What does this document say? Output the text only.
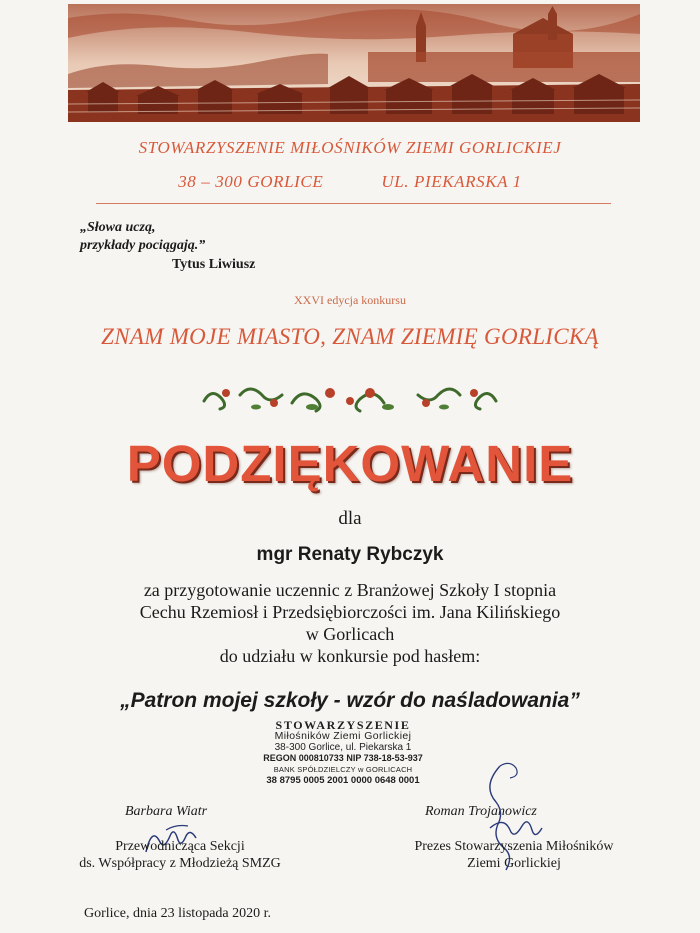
STOWARZYSZENIE MIŁOŚNIKÓW ZIEMI GORLICKIEJ
38 – 300 GORLICE	UL. PIEKARSKA 1
„Słowa uczą,
przykłady pociągają.”
Tytus Liwiusz
XXVI edycja konkursu
ZNAM MOJE MIASTO, ZNAM ZIEMIĘ GORLICKĄ
PODZIĘKOWANIE
dla
mgr Renaty Rybczyk
za przygotowanie uczennic z Branżowej Szkoły I stopnia
Cechu Rzemiosł i Przedsiębiorczości im. Jana Kilińskiego
w Gorlicach
do udziału w konkursie pod hasłem:
„Patron mojej szkoły - wzór do naśladowania”
STOWARZYSZENIE
Miłośników Ziemi Gorlickiej
38-300 Gorlice, ul. Piekarska 1
REGON 000810733 NIP 738-18-53-937
BANK SPÓŁDZIELCZY w GORLICACH
38 8795 0005 2001 0000 0648 0001
Barbara Wiatr
Przewodnicząca Sekcji
ds. Współpracy z Młodzieżą SMZG
Roman Trojanowicz
Prezes Stowarzyszenia Miłośników
Ziemi Gorlickiej
Gorlice, dnia 23 listopada 2020 r.
